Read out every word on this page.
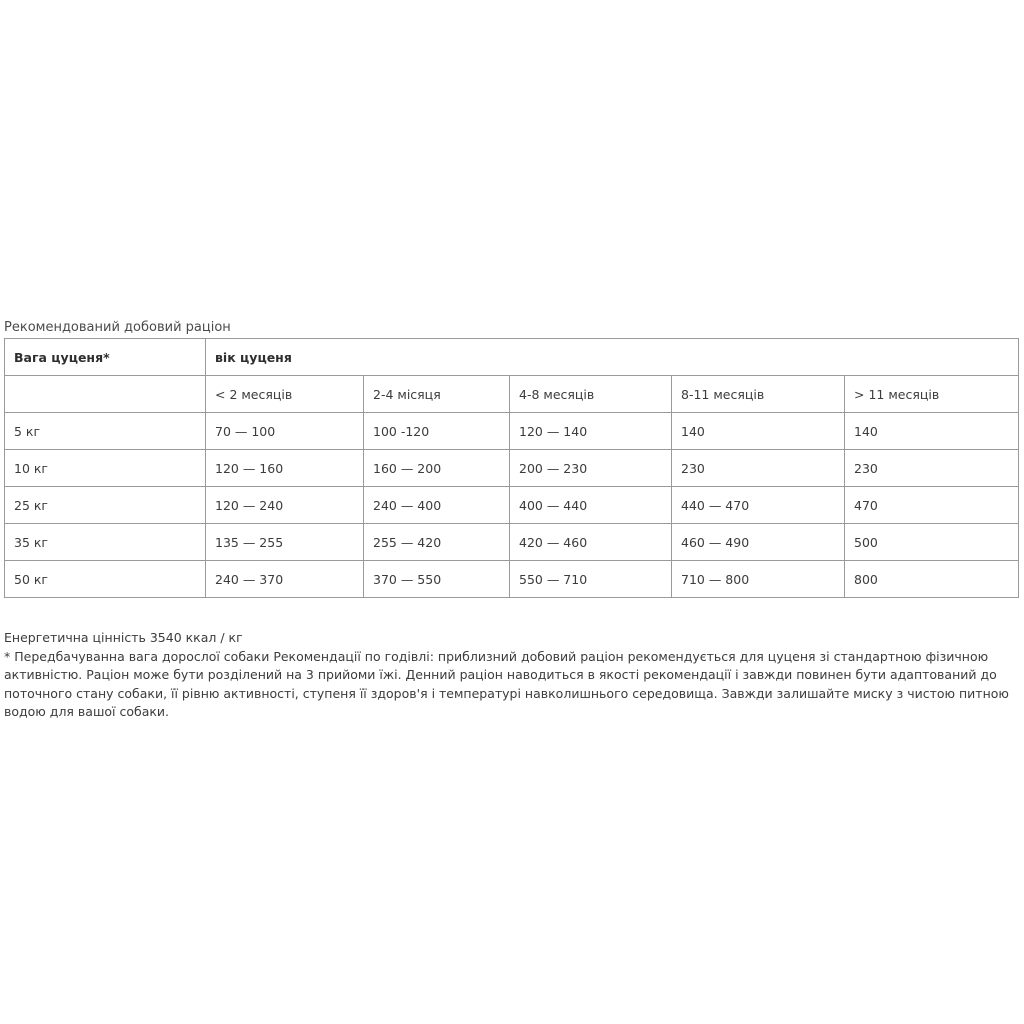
Рекомендований добовий раціон
Вага цуценя*	вік цуценя				
	< 2 месяців	2-4 місяця	4-8 месяців	8-11 месяців	> 11 месяців
5 кг	70 — 100	100 -120	120 — 140	140	140
10 кг	120 — 160	160 — 200	200 — 230	230	230
25 кг	120 — 240	240 — 400	400 — 440	440 — 470	470
35 кг	135 — 255	255 — 420	420 — 460	460 — 490	500
50 кг	240 — 370	370 — 550	550 — 710	710 — 800	800

Енергетична цінність 3540 ккал / кг

* Передбачуванна вага дорослої собаки Рекомендації по годівлі: приблизний добовий раціон рекомендується для цуценя зі стандартною фізичною активністю. Раціон може бути розділений на 3 прийоми їжі. Денний раціон наводиться в якості рекомендації і завжди повинен бути адаптований до поточного стану собаки, її рівню активності, ступеня її здоров'я і температурі навколишнього середовища. Завжди залишайте миску з чистою питною водою для вашої собаки.
